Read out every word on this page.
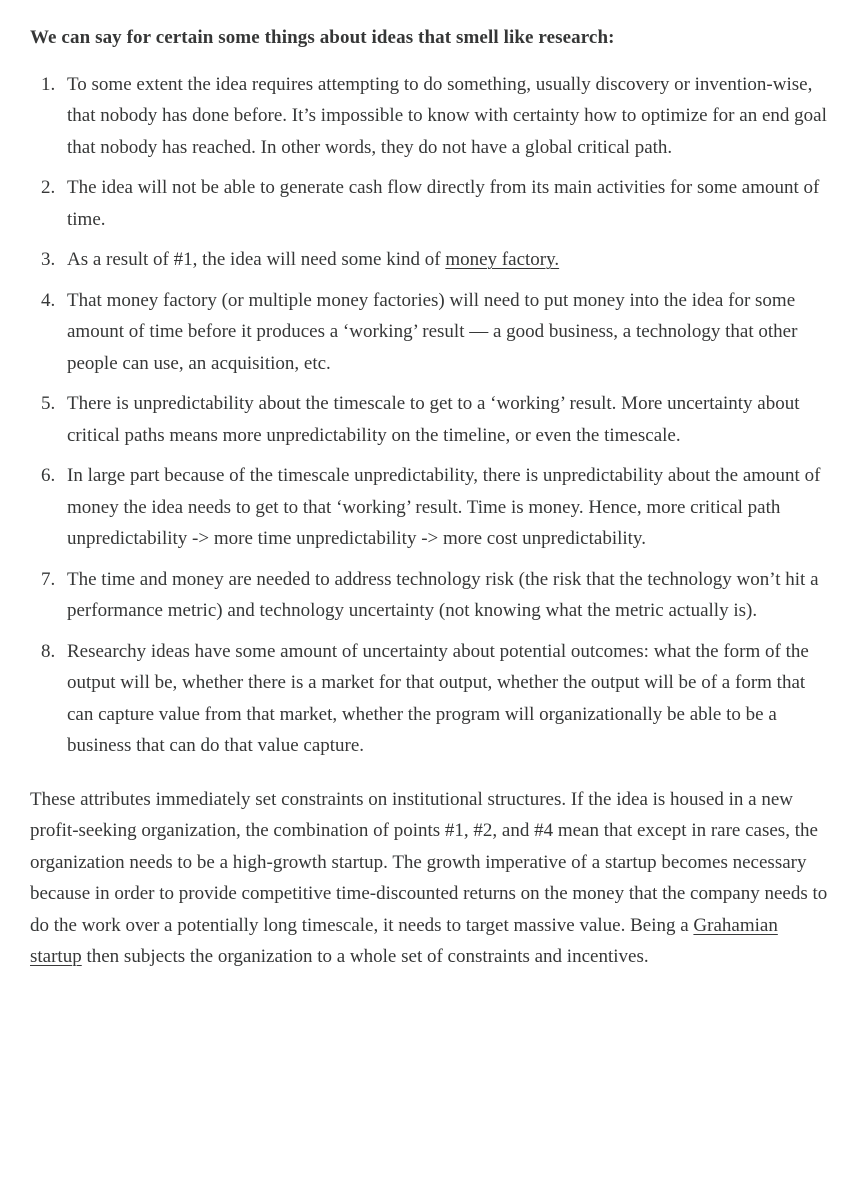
We can say for certain some things about ideas that smell like research:

1. To some extent the idea requires attempting to do something, usually discovery or invention-wise, that nobody has done before. It’s impossible to know with certainty how to optimize for an end goal that nobody has reached. In other words, they do not have a global critical path.
2. The idea will not be able to generate cash flow directly from its main activities for some amount of time.
3. As a result of #1, the idea will need some kind of money factory.
4. That money factory (or multiple money factories) will need to put money into the idea for some amount of time before it produces a ‘working’ result — a good business, a technology that other people can use, an acquisition, etc.
5. There is unpredictability about the timescale to get to a ‘working’ result. More uncertainty about critical paths means more unpredictability on the timeline, or even the timescale.
6. In large part because of the timescale unpredictability, there is unpredictability about the amount of money the idea needs to get to that ‘working’ result. Time is money. Hence, more critical path unpredictability -> more time unpredictability -> more cost unpredictability.
7. The time and money are needed to address technology risk (the risk that the technology won’t hit a performance metric) and technology uncertainty (not knowing what the metric actually is).
8. Researchy ideas have some amount of uncertainty about potential outcomes: what the form of the output will be, whether there is a market for that output, whether the output will be of a form that can capture value from that market, whether the program will organizationally be able to be a business that can do that value capture.

These attributes immediately set constraints on institutional structures. If the idea is housed in a new profit-seeking organization, the combination of points #1, #2, and #4 mean that except in rare cases, the organization needs to be a high-growth startup. The growth imperative of a startup becomes necessary because in order to provide competitive time-discounted returns on the money that the company needs to do the work over a potentially long timescale, it needs to target massive value. Being a Grahamian startup then subjects the organization to a whole set of constraints and incentives.
